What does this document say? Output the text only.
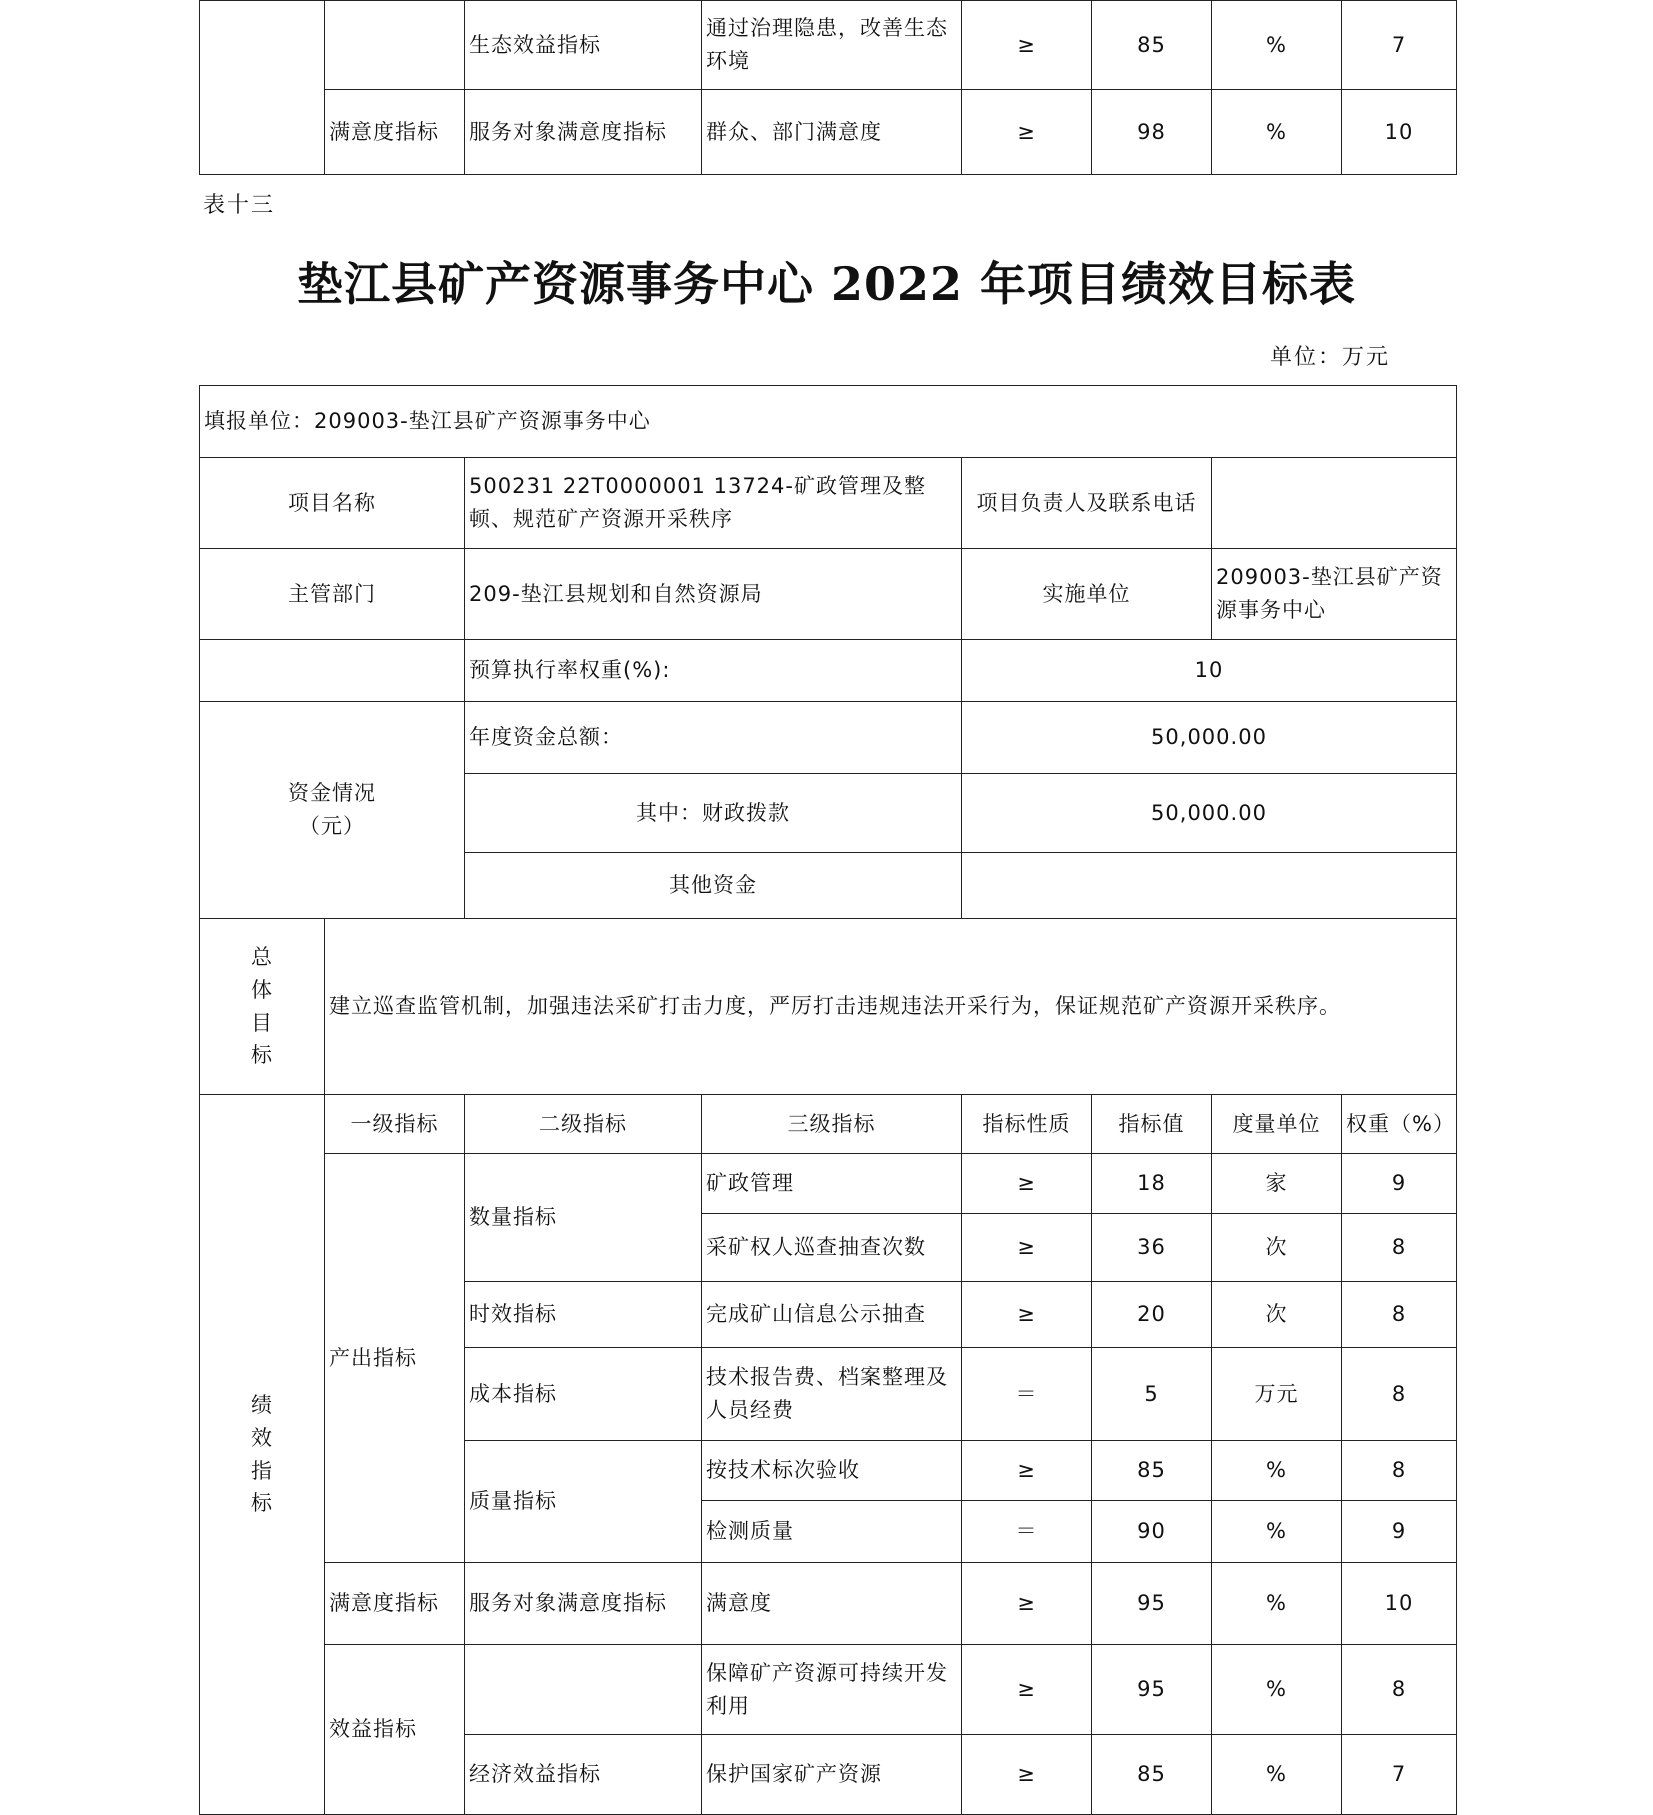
		生态效益指标	通过治理隐患，改善生态环境	≥	85	%	7
	满意度指标	服务对象满意度指标	群众、部门满意度	≥	98	%	10
表十三
垫江县矿产资源事务中心 2022 年项目绩效目标表
单位：万元
填报单位：209003-垫江县矿产资源事务中心							
项目名称		500231 22T0000001 13724-矿政管理及整顿、规范矿产资源开采秩序		项目负责人及联系电话			
主管部门		209-垫江县规划和自然资源局		实施单位		209003-垫江县矿产资源事务中心	
		预算执行率权重(%):		10			

资金情况
（元）		年度资金总额：		50,000.00			
		其中：财政拨款		50,000.00			
		其他资金					

总
体
目
标	建立巡查监管机制，加强违法采矿打击力度，严厉打击违规违法开采行为，保证规范矿产资源开采秩序。						

绩
效
指
标	一级指标	二级指标	三级指标	指标性质	指标值	度量单位	权重（%）
	产出指标	数量指标	矿政管理	≥	18	家	9
			采矿权人巡查抽查次数	≥	36	次	8
		时效指标	完成矿山信息公示抽查	≥	20	次	8
		成本指标	技术报告费、档案整理及人员经费	＝	5	万元	8
		质量指标	按技术标次验收	≥	85	%	8
			检测质量	＝	90	%	9
	满意度指标	服务对象满意度指标	满意度	≥	95	%	10
	效益指标		保障矿产资源可持续开发利用	≥	95	%	8
		经济效益指标	保护国家矿产资源	≥	85	%	7
